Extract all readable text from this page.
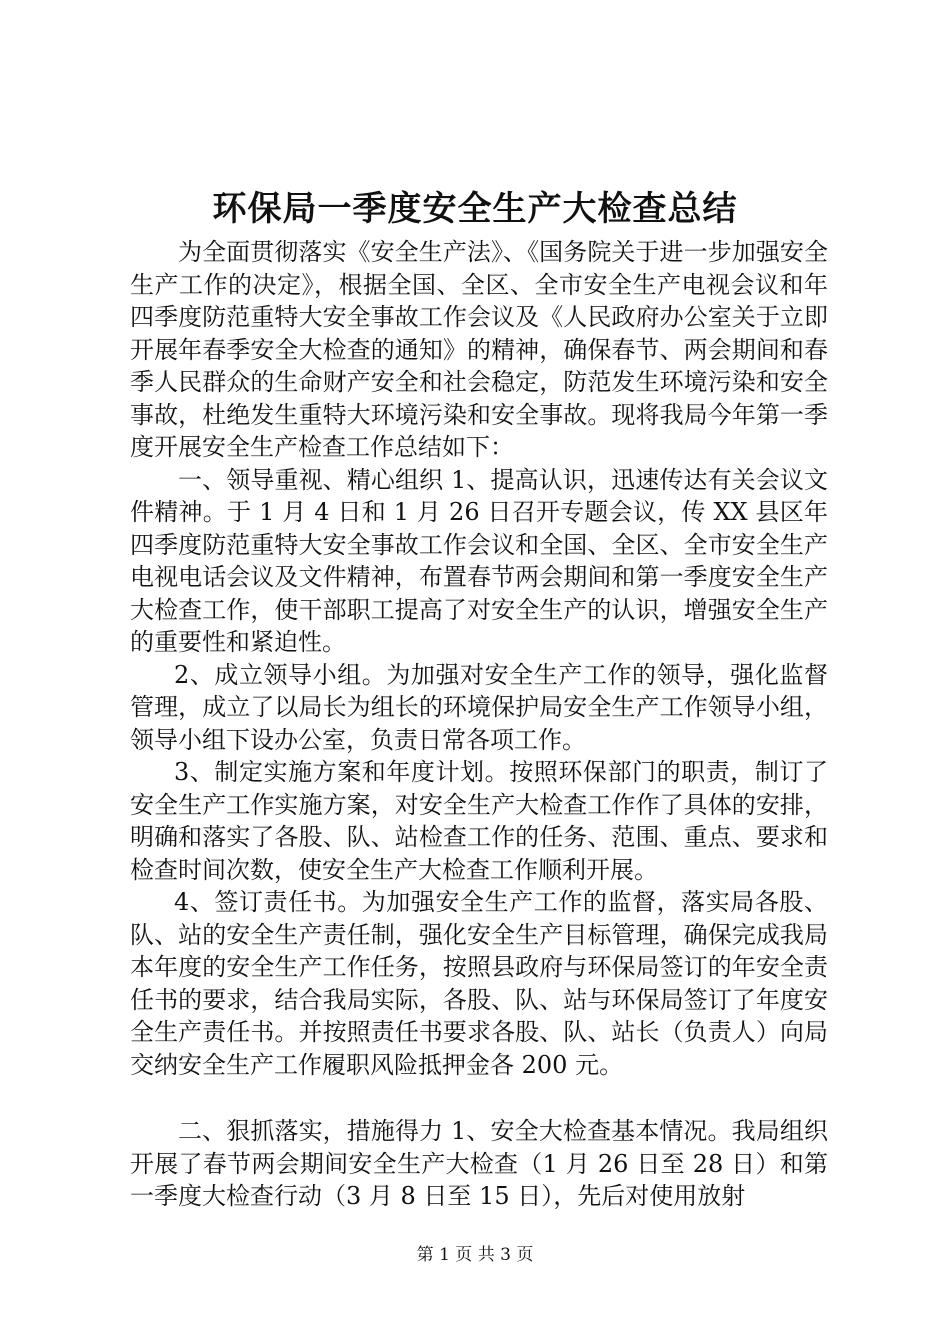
环保局一季度安全生产大检查总结

为全面贯彻落实《安全生产法》、《国务院关于进一步加强安全生产工作的决定》，根据全国、全区、全市安全生产电视会议和年四季度防范重特大安全事故工作会议及《人民政府办公室关于立即开展年春季安全大检查的通知》的精神，确保春节、两会期间和春季人民群众的生命财产安全和社会稳定，防范发生环境污染和安全事故，杜绝发生重特大环境污染和安全事故。现将我局今年第一季度开展安全生产检查工作总结如下：

一、领导重视、精心组织 1、提高认识，迅速传达有关会议文件精神。于 1 月 4 日和 1 月 26 日召开专题会议，传 XX 县区年四季度防范重特大安全事故工作会议和全国、全区、全市安全生产电视电话会议及文件精神，布置春节两会期间和第一季度安全生产大检查工作，使干部职工提高了对安全生产的认识，增强安全生产的重要性和紧迫性。

2、成立领导小组。为加强对安全生产工作的领导，强化监督管理，成立了以局长为组长的环境保护局安全生产工作领导小组，领导小组下设办公室，负责日常各项工作。

3、制定实施方案和年度计划。按照环保部门的职责，制订了安全生产工作实施方案，对安全生产大检查工作作了具体的安排，明确和落实了各股、队、站检查工作的任务、范围、重点、要求和检查时间次数，使安全生产大检查工作顺利开展。

4、签订责任书。为加强安全生产工作的监督，落实局各股、队、站的安全生产责任制，强化安全生产目标管理，确保完成我局本年度的安全生产工作任务，按照县政府与环保局签订的年安全责任书的要求，结合我局实际，各股、队、站与环保局签订了年度安全生产责任书。并按照责任书要求各股、队、站长（负责人）向局交纳安全生产工作履职风险抵押金各 200 元。

二、狠抓落实，措施得力 1、安全大检查基本情况。我局组织开展了春节两会期间安全生产大检查（1 月 26 日至 28 日）和第一季度大检查行动（3 月 8 日至 15 日），先后对使用放射

第 1 页 共 3 页
